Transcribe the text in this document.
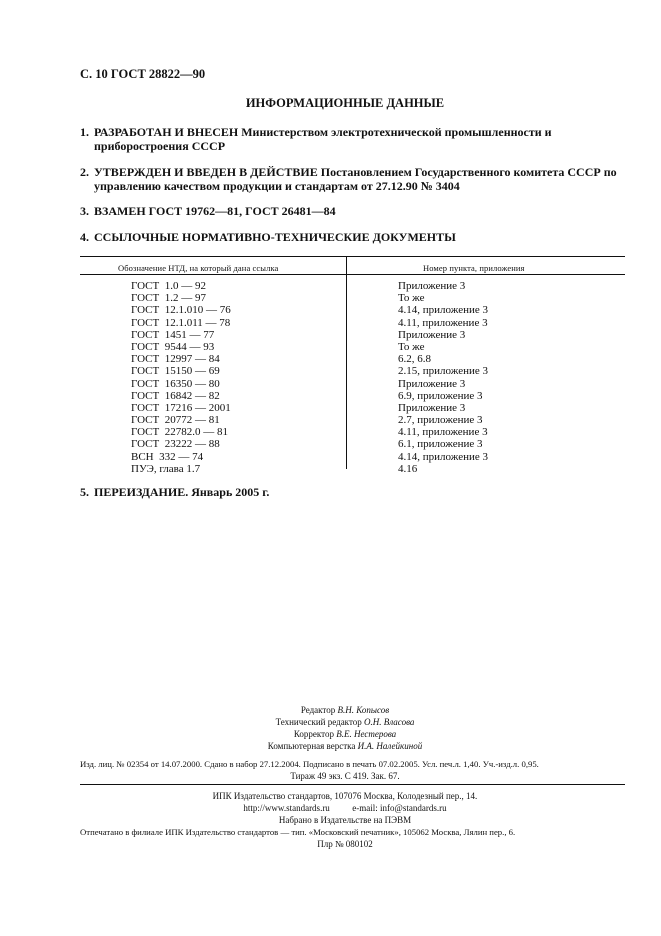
С. 10 ГОСТ 28822—90
ИНФОРМАЦИОННЫЕ ДАННЫЕ
1. РАЗРАБОТАН И ВНЕСЕН Министерством электротехнической промышленности и приборостроения СССР
2. УТВЕРЖДЕН И ВВЕДЕН В ДЕЙСТВИЕ Постановлением Государственного комитета СССР по управлению качеством продукции и стандартам от 27.12.90 № 3404
3. ВЗАМЕН ГОСТ 19762—81, ГОСТ 26481—84
4. ССЫЛОЧНЫЕ НОРМАТИВНО-ТЕХНИЧЕСКИЕ ДОКУМЕНТЫ
Обозначение НТД, на который дана ссылка	Номер пункта, приложения
ГОСТ  1.0 — 92
ГОСТ  1.2 — 97
ГОСТ  12.1.010 — 76
ГОСТ  12.1.011 — 78
ГОСТ  1451 — 77
ГОСТ  9544 — 93
ГОСТ  12997 — 84
ГОСТ  15150 — 69
ГОСТ  16350 — 80
ГОСТ  16842 — 82
ГОСТ  17216 — 2001
ГОСТ  20772 — 81
ГОСТ  22782.0 — 81
ГОСТ  23222 — 88
ВСН  332 — 74
ПУЭ, глава 1.7
Приложение 3
То же
4.14, приложение 3
4.11, приложение 3
Приложение 3
То же
6.2, 6.8
2.15, приложение 3
Приложение 3
6.9, приложение 3
Приложение 3
2.7, приложение 3
4.11, приложение 3
6.1, приложение 3
4.14, приложение 3
4.16
5. ПЕРЕИЗДАНИЕ. Январь 2005 г.
Редактор В.Н. Копысов
Технический редактор О.Н. Власова
Корректор В.Е. Нестерова
Компьютерная верстка И.А. Налейкиной
Изд. лиц. № 02354 от 14.07.2000. Сдано в набор 27.12.2004. Подписано в печать 07.02.2005. Усл. печ.л. 1,40. Уч.-изд.л. 0,95.
Тираж 49 экз. С 419. Зак. 67.
ИПК Издательство стандартов, 107076 Москва, Колодезный пер., 14.
http://www.standards.ru          e-mail: info@standards.ru
Набрано в Издательстве на ПЭВМ
Отпечатано в филиале ИПК Издательство стандартов — тип. «Московский печатник», 105062 Москва, Лялин пер., 6.
Плр № 080102
